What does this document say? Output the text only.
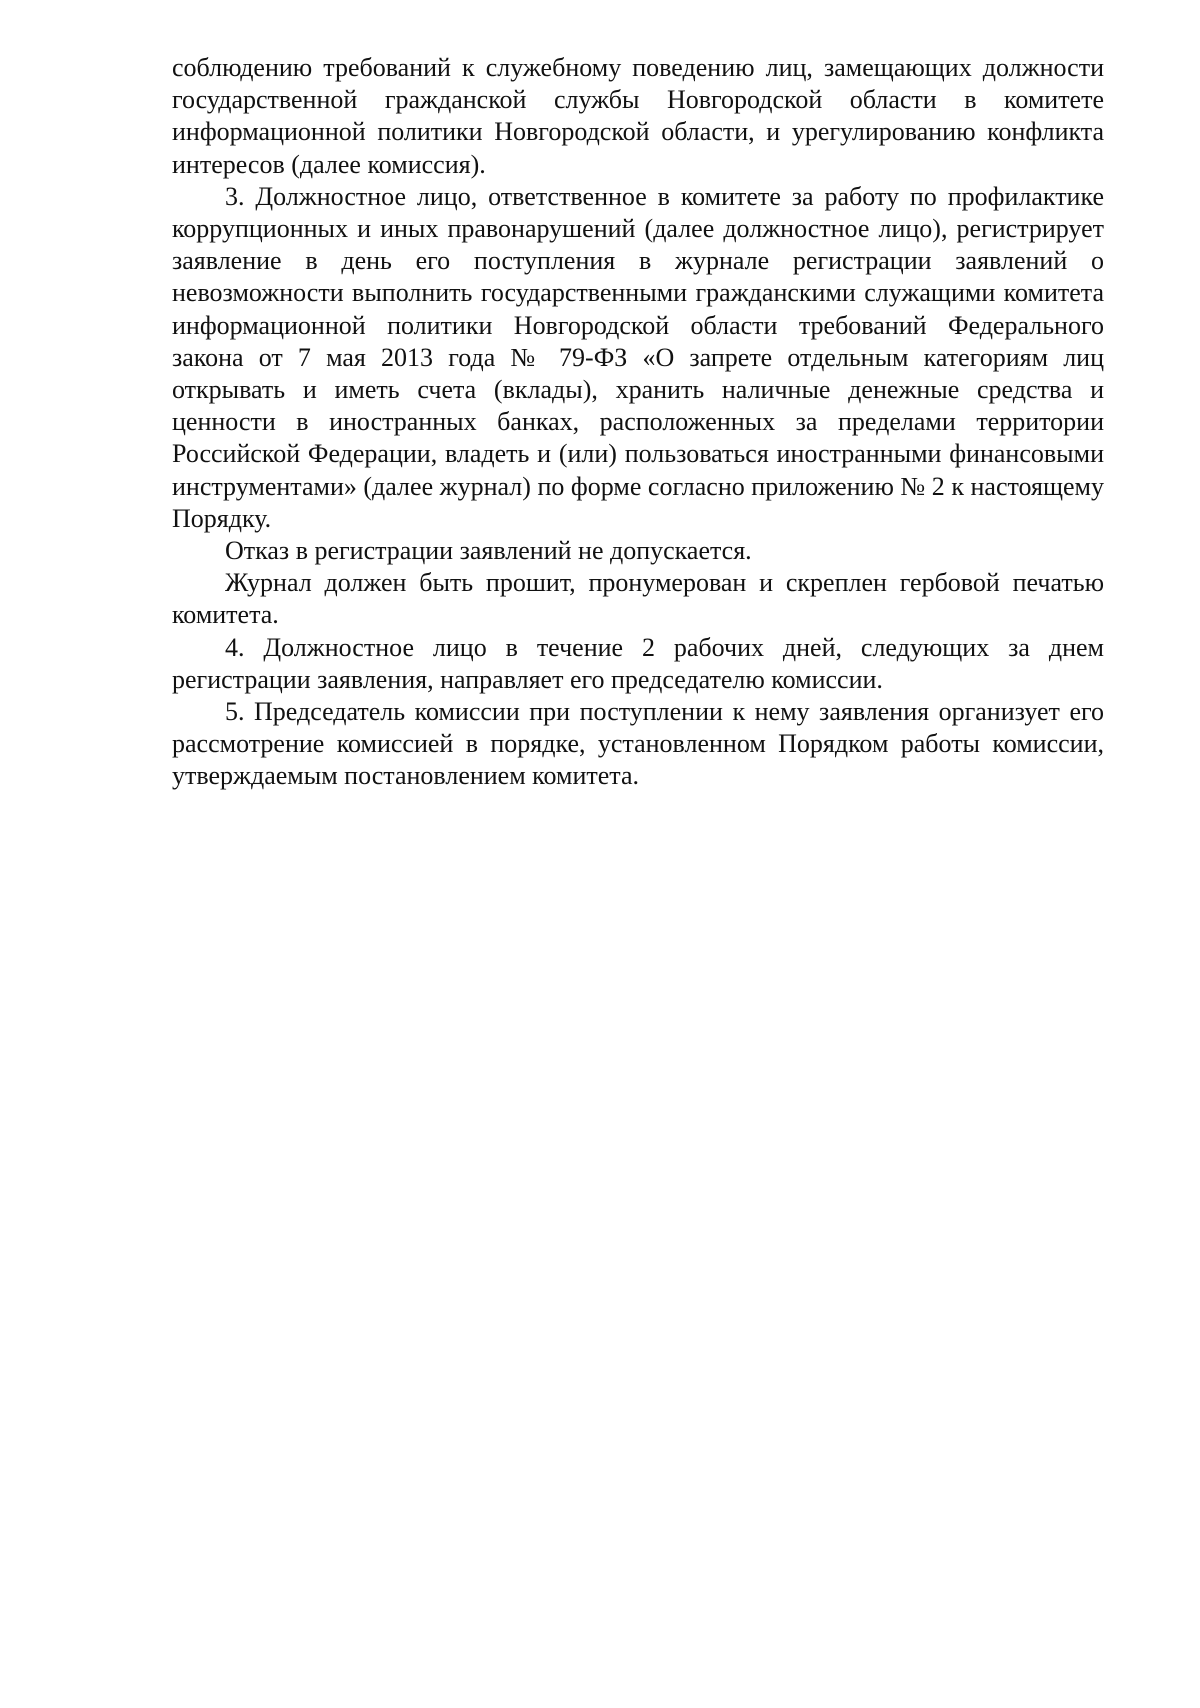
соблюдению требований к служебному поведению лиц, замещающих должности государственной гражданской службы Новгородской области в комитете информационной политики Новгородской области, и урегулированию конфликта интересов (далее комиссия).

3. Должностное лицо, ответственное в комитете за работу по профилактике коррупционных и иных правонарушений (далее должностное лицо), регистрирует заявление в день его поступления в журнале регистрации заявлений о невозможности выполнить государственными гражданскими служащими комитета информационной политики Новгородской области требований Федерального закона от 7 мая 2013 года № 79-ФЗ «О запрете отдельным категориям лиц открывать и иметь счета (вклады), хранить наличные денежные средства и ценности в иностранных банках, расположенных за пределами территории Российской Федерации, владеть и (или) пользоваться иностранными финансовыми инструментами» (далее журнал) по форме согласно приложению № 2 к настоящему Порядку.

Отказ в регистрации заявлений не допускается.

Журнал должен быть прошит, пронумерован и скреплен гербовой печатью комитета.

4. Должностное лицо в течение 2 рабочих дней, следующих за днем регистрации заявления, направляет его председателю комиссии.

5. Председатель комиссии при поступлении к нему заявления организует его рассмотрение комиссией в порядке, установленном Порядком работы комиссии, утверждаемым постановлением комитета.
